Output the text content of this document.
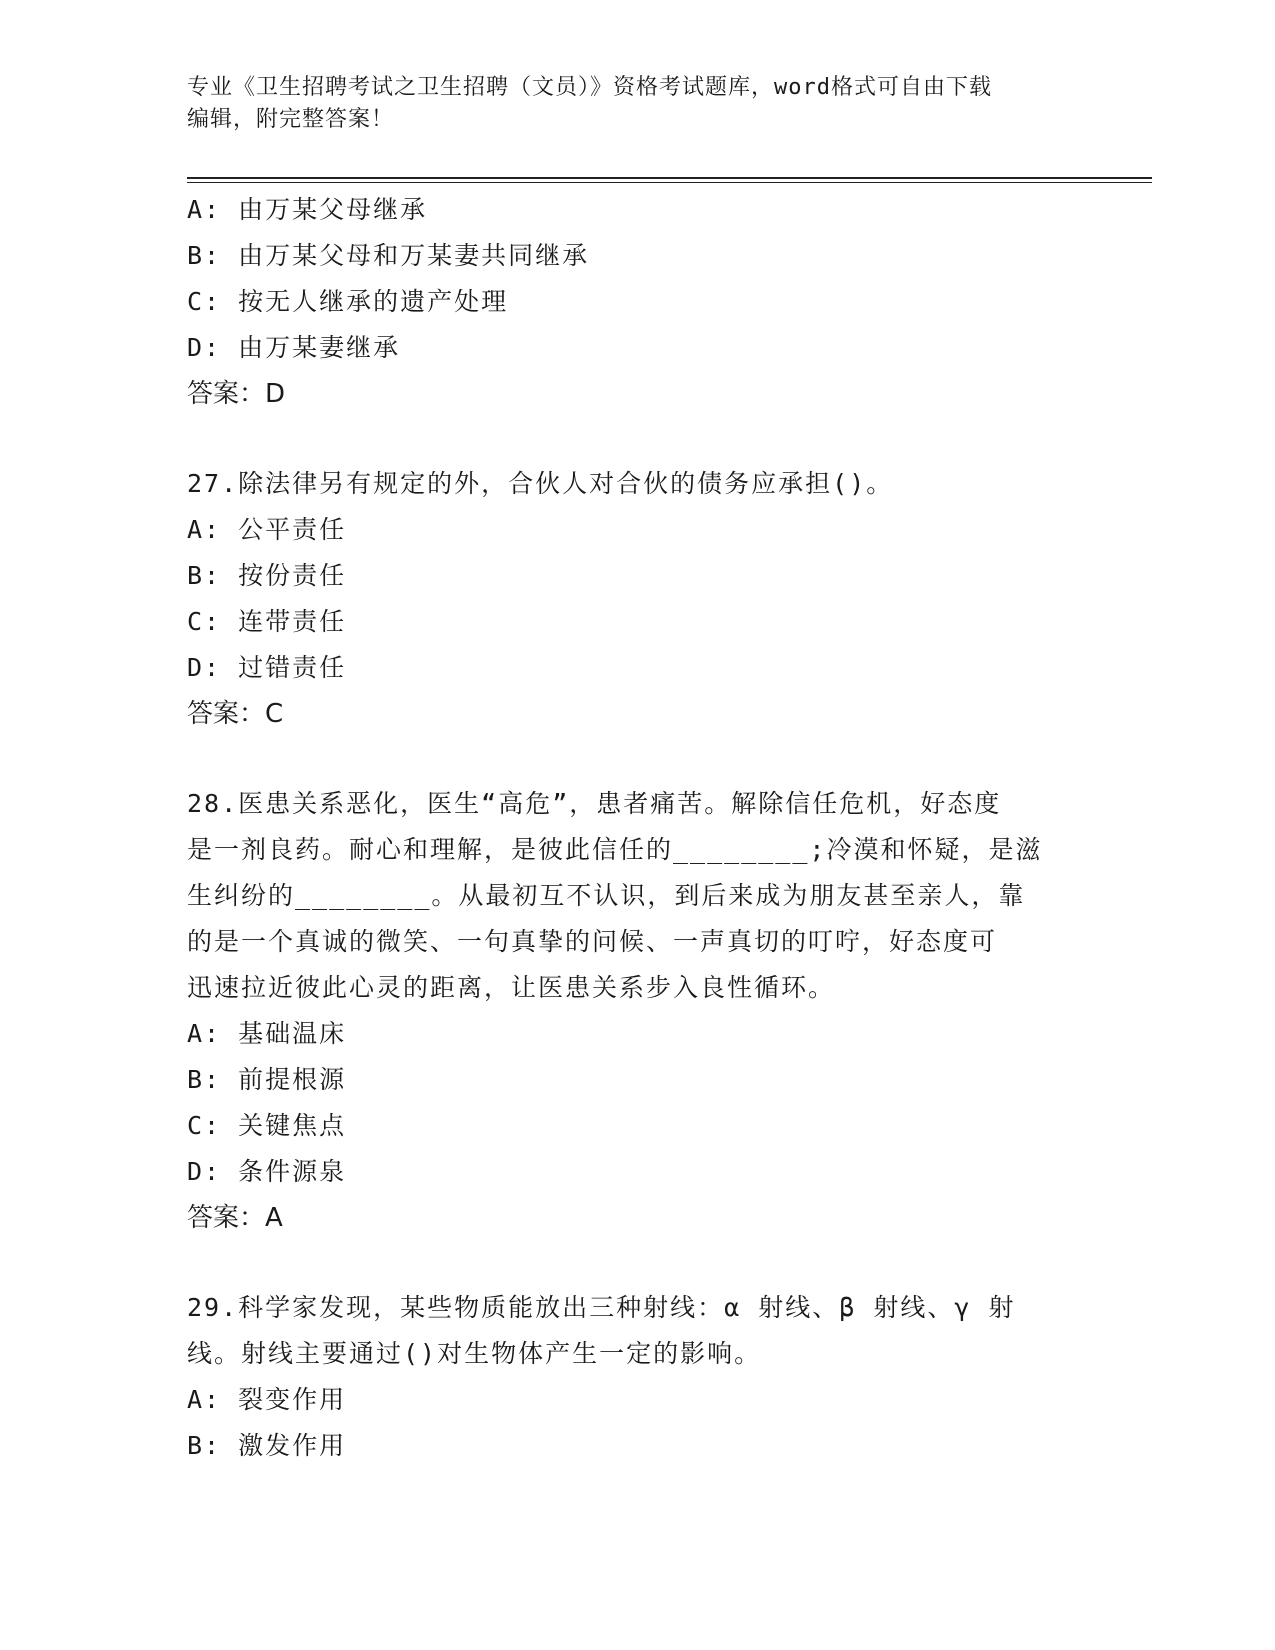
专业《卫生招聘考试之卫生招聘（文员）》资格考试题库，word格式可自由下载
编辑，附完整答案！
A: 由万某父母继承
B: 由万某父母和万某妻共同继承
C: 按无人继承的遗产处理
D: 由万某妻继承
答案：D
27.除法律另有规定的外，合伙人对合伙的债务应承担()。
A: 公平责任
B: 按份责任
C: 连带责任
D: 过错责任
答案：C
28.医患关系恶化，医生“高危”，患者痛苦。解除信任危机，好态度
是一剂良药。耐心和理解，是彼此信任的________;冷漠和怀疑，是滋
生纠纷的________。从最初互不认识，到后来成为朋友甚至亲人，靠
的是一个真诚的微笑、一句真挚的问候、一声真切的叮咛，好态度可
迅速拉近彼此心灵的距离，让医患关系步入良性循环。
A: 基础温床
B: 前提根源
C: 关键焦点
D: 条件源泉
答案：A
29.科学家发现，某些物质能放出三种射线：α 射线、β 射线、γ 射
线。射线主要通过()对生物体产生一定的影响。
A: 裂变作用
B: 激发作用
